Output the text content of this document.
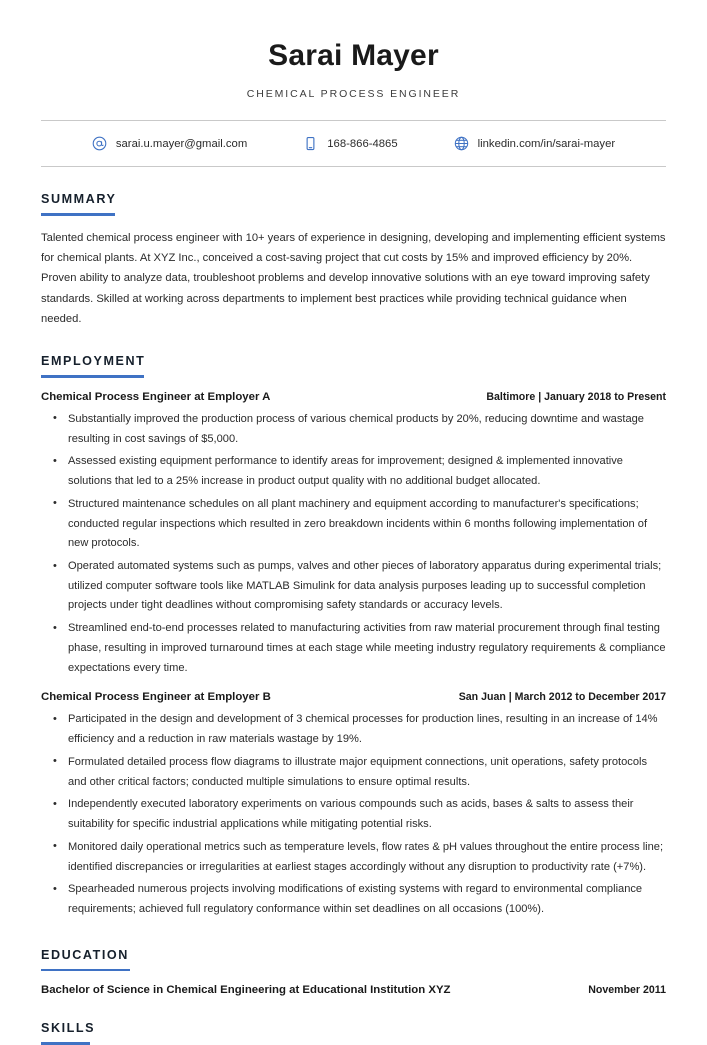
Sarai Mayer
CHEMICAL PROCESS ENGINEER
sarai.u.mayer@gmail.com	168-866-4865	linkedin.com/in/sarai-mayer
SUMMARY

Talented chemical process engineer with 10+ years of experience in designing, developing and implementing efficient systems for chemical plants. At XYZ Inc., conceived a cost-saving project that cut costs by 15% and improved efficiency by 20%. Proven ability to analyze data, troubleshoot problems and develop innovative solutions with an eye toward improving safety standards. Skilled at working across departments to implement best practices while providing technical guidance when needed.

EMPLOYMENT
Chemical Process Engineer at Employer A	Baltimore | January 2018 to Present
• Substantially improved the production process of various chemical products by 20%, reducing downtime and wastage resulting in cost savings of $5,000.
• Assessed existing equipment performance to identify areas for improvement; designed & implemented innovative solutions that led to a 25% increase in product output quality with no additional budget allocated.
• Structured maintenance schedules on all plant machinery and equipment according to manufacturer's specifications; conducted regular inspections which resulted in zero breakdown incidents within 6 months following implementation of new protocols.
• Operated automated systems such as pumps, valves and other pieces of laboratory apparatus during experimental trials; utilized computer software tools like MATLAB Simulink for data analysis purposes leading up to successful completion projects under tight deadlines without compromising safety standards or accuracy levels.
• Streamlined end-to-end processes related to manufacturing activities from raw material procurement through final testing phase, resulting in improved turnaround times at each stage while meeting industry regulatory requirements & compliance expectations every time.
Chemical Process Engineer at Employer B	San Juan | March 2012 to December 2017
• Participated in the design and development of 3 chemical processes for production lines, resulting in an increase of 14% efficiency and a reduction in raw materials wastage by 19%.
• Formulated detailed process flow diagrams to illustrate major equipment connections, unit operations, safety protocols and other critical factors; conducted multiple simulations to ensure optimal results.
• Independently executed laboratory experiments on various compounds such as acids, bases & salts to assess their suitability for specific industrial applications while mitigating potential risks.
• Monitored daily operational metrics such as temperature levels, flow rates & pH values throughout the entire process line; identified discrepancies or irregularities at earliest stages accordingly without any disruption to productivity rate (+7%).
• Spearheaded numerous projects involving modifications of existing systems with regard to environmental compliance requirements; achieved full regulatory conformance within set deadlines on all occasions (100%).
EDUCATION
Bachelor of Science in Chemical Engineering at Educational Institution XYZ	November 2011
SKILLS
